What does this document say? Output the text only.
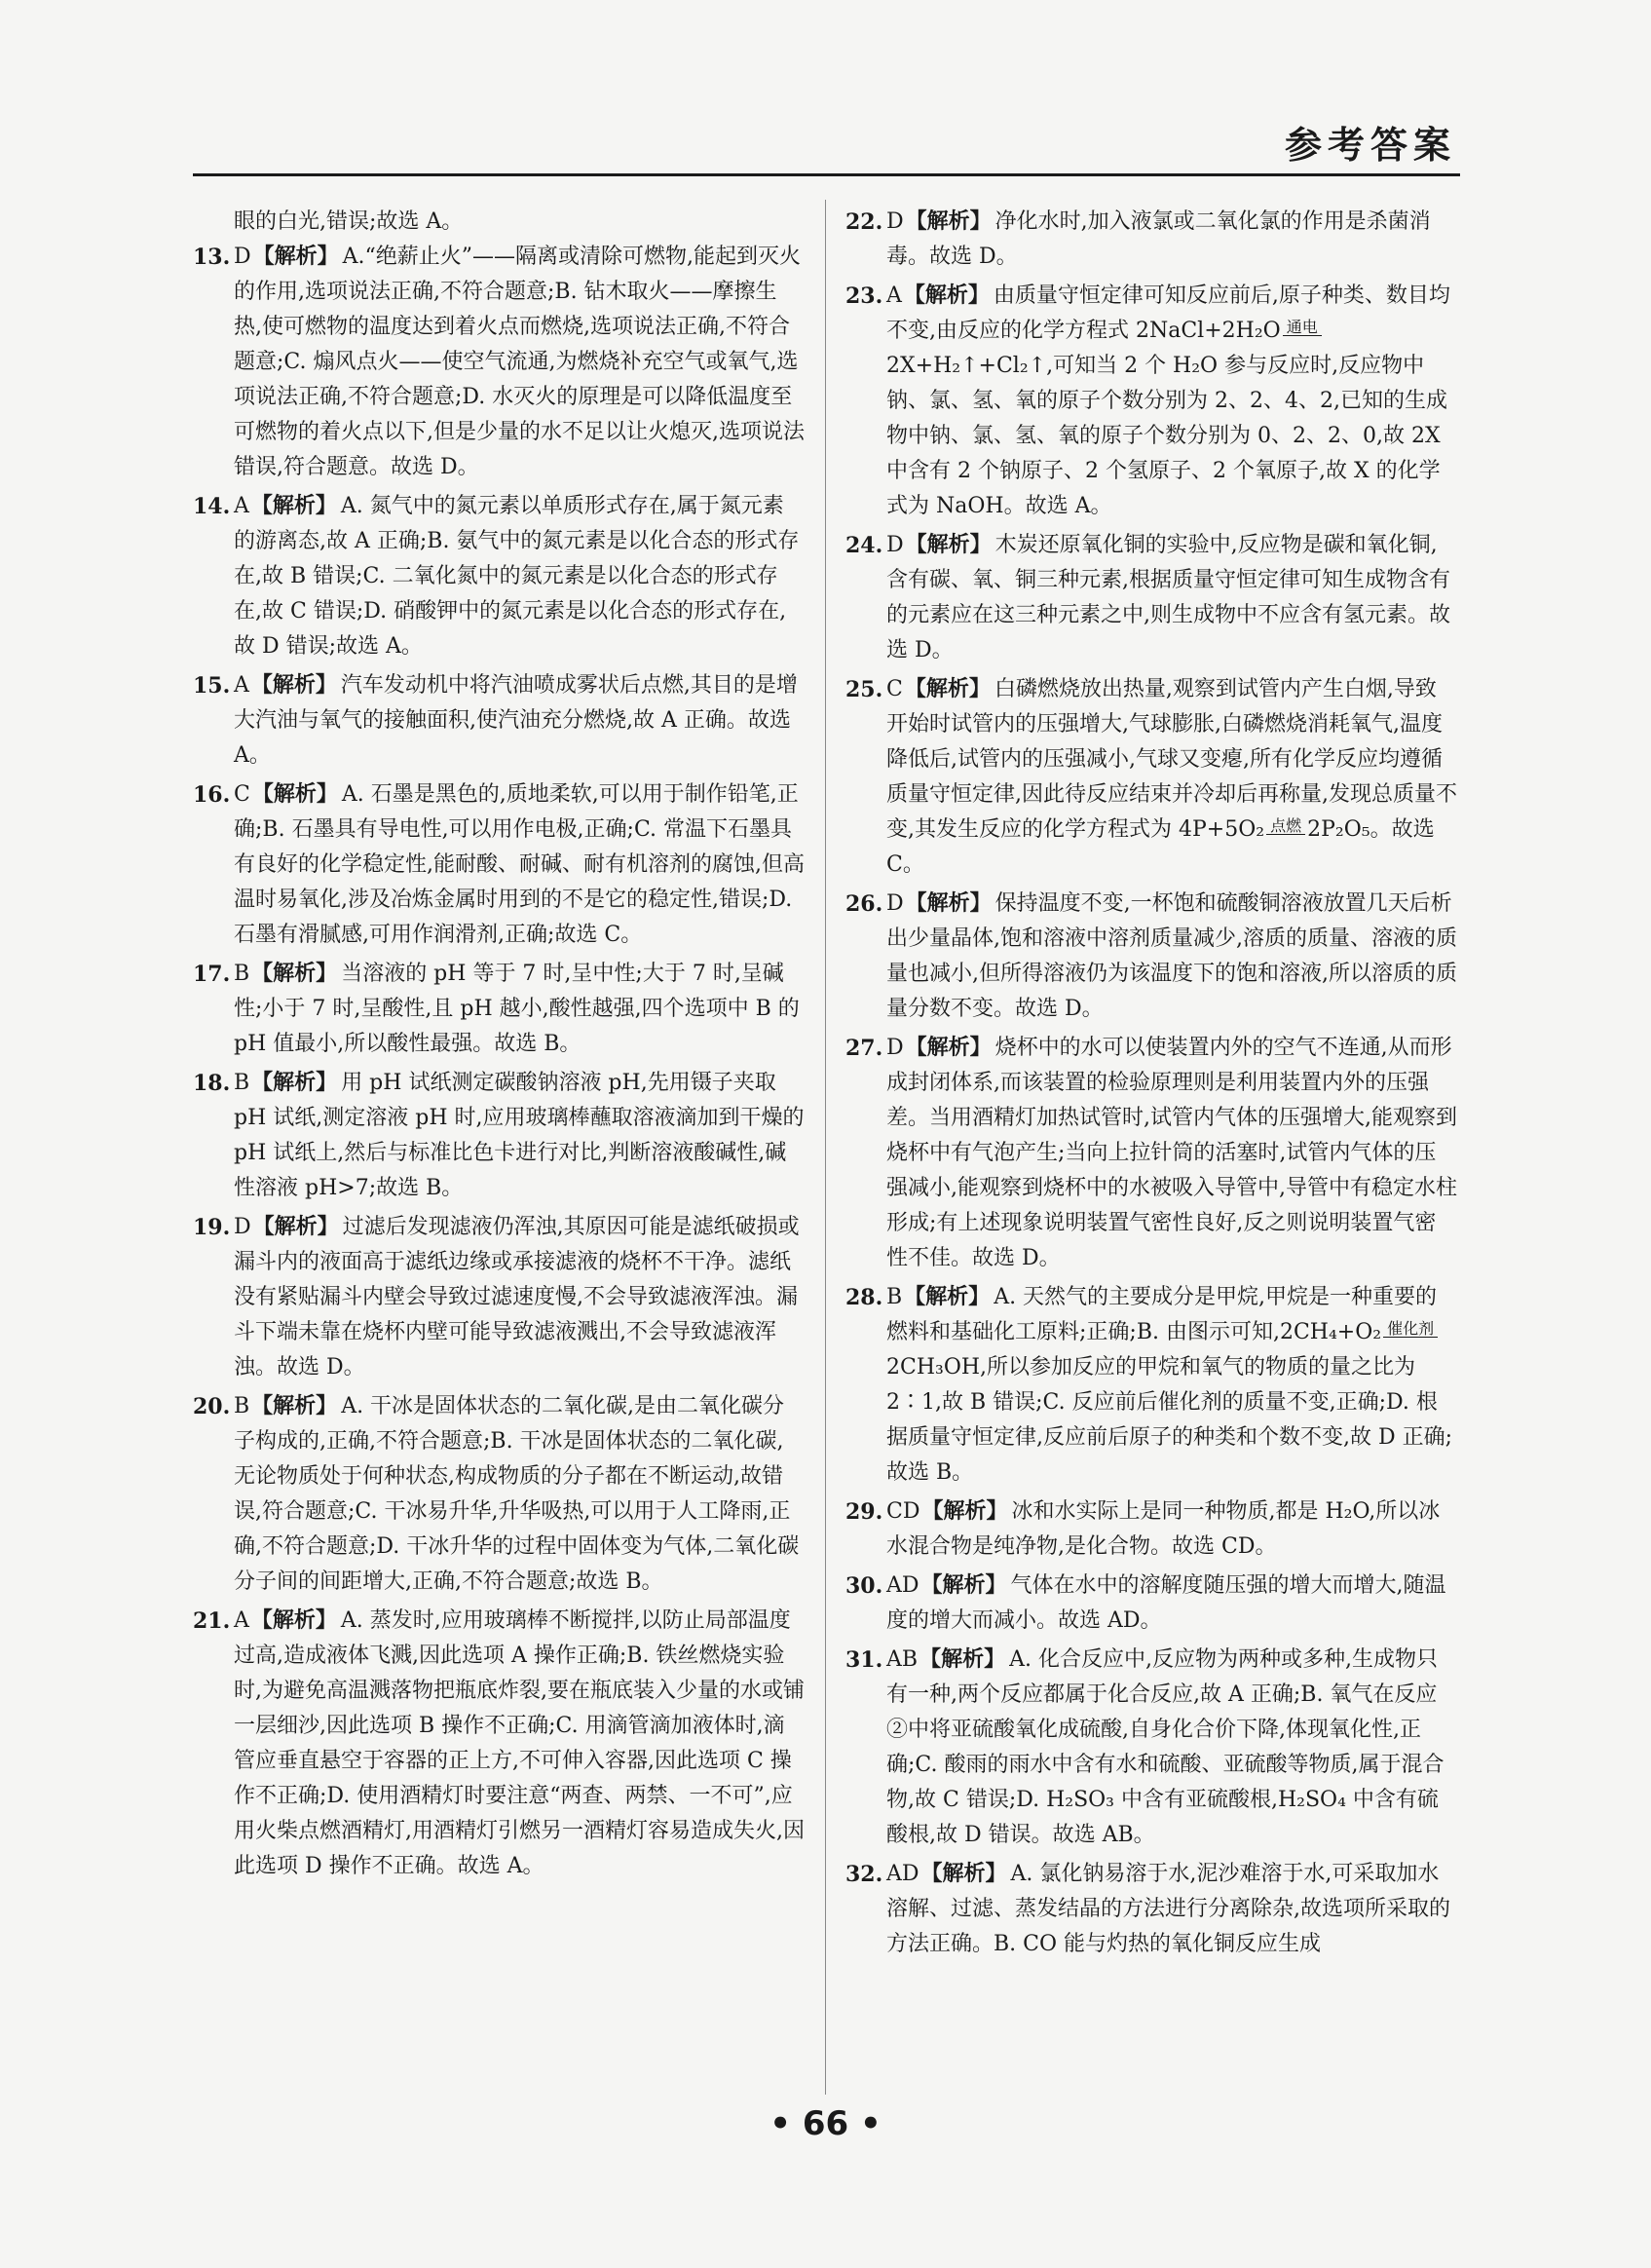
参考答案

眼的白光,错误;故选 A。

13. D【解析】 A.“绝薪止火”——隔离或清除可燃物,能起到灭火的作用,选项说法正确,不符合题意;B. 钻木取火——摩擦生热,使可燃物的温度达到着火点而燃烧,选项说法正确,不符合题意;C. 煽风点火——使空气流通,为燃烧补充空气或氧气,选项说法正确,不符合题意;D. 水灭火的原理是可以降低温度至可燃物的着火点以下,但是少量的水不足以让火熄灭,选项说法错误,符合题意。故选 D。

14. A【解析】 A. 氮气中的氮元素以单质形式存在,属于氮元素的游离态,故 A 正确;B. 氨气中的氮元素是以化合态的形式存在,故 B 错误;C. 二氧化氮中的氮元素是以化合态的形式存在,故 C 错误;D. 硝酸钾中的氮元素是以化合态的形式存在,故 D 错误;故选 A。

15. A【解析】 汽车发动机中将汽油喷成雾状后点燃,其目的是增大汽油与氧气的接触面积,使汽油充分燃烧,故 A 正确。故选 A。

16. C【解析】 A. 石墨是黑色的,质地柔软,可以用于制作铅笔,正确;B. 石墨具有导电性,可以用作电极,正确;C. 常温下石墨具有良好的化学稳定性,能耐酸、耐碱、耐有机溶剂的腐蚀,但高温时易氧化,涉及冶炼金属时用到的不是它的稳定性,错误;D. 石墨有滑腻感,可用作润滑剂,正确;故选 C。

17. B【解析】 当溶液的 pH 等于 7 时,呈中性;大于 7 时,呈碱性;小于 7 时,呈酸性,且 pH 越小,酸性越强,四个选项中 B 的 pH 值最小,所以酸性最强。故选 B。

18. B【解析】 用 pH 试纸测定碳酸钠溶液 pH,先用镊子夹取 pH 试纸,测定溶液 pH 时,应用玻璃棒蘸取溶液滴加到干燥的 pH 试纸上,然后与标准比色卡进行对比,判断溶液酸碱性,碱性溶液 pH>7;故选 B。

19. D【解析】 过滤后发现滤液仍浑浊,其原因可能是滤纸破损或漏斗内的液面高于滤纸边缘或承接滤液的烧杯不干净。滤纸没有紧贴漏斗内壁会导致过滤速度慢,不会导致滤液浑浊。漏斗下端未靠在烧杯内壁可能导致滤液溅出,不会导致滤液浑浊。故选 D。

20. B【解析】 A. 干冰是固体状态的二氧化碳,是由二氧化碳分子构成的,正确,不符合题意;B. 干冰是固体状态的二氧化碳,无论物质处于何种状态,构成物质的分子都在不断运动,故错误,符合题意;C. 干冰易升华,升华吸热,可以用于人工降雨,正确,不符合题意;D. 干冰升华的过程中固体变为气体,二氧化碳分子间的间距增大,正确,不符合题意;故选 B。

21. A【解析】 A. 蒸发时,应用玻璃棒不断搅拌,以防止局部温度过高,造成液体飞溅,因此选项 A 操作正确;B. 铁丝燃烧实验时,为避免高温溅落物把瓶底炸裂,要在瓶底装入少量的水或铺一层细沙,因此选项 B 操作不正确;C. 用滴管滴加液体时,滴管应垂直悬空于容器的正上方,不可伸入容器,因此选项 C 操作不正确;D. 使用酒精灯时要注意“两查、两禁、一不可”,应用火柴点燃酒精灯,用酒精灯引燃另一酒精灯容易造成失火,因此选项 D 操作不正确。故选 A。

22. D【解析】 净化水时,加入液氯或二氧化氯的作用是杀菌消毒。故选 D。

23. A【解析】 由质量守恒定律可知反应前后,原子种类、数目均不变,由反应的化学方程式 2NaCl+2H₂O 通电

2X+H₂↑+Cl₂↑,可知当 2 个 H₂O 参与反应时,反应物中钠、氯、氢、氧的原子个数分别为 2、2、4、2,已知的生成物中钠、氯、氢、氧的原子个数分别为 0、2、2、0,故 2X 中含有 2 个钠原子、2 个氢原子、2 个氧原子,故 X 的化学式为 NaOH。故选 A。

24. D【解析】 木炭还原氧化铜的实验中,反应物是碳和氧化铜,含有碳、氧、铜三种元素,根据质量守恒定律可知生成物含有的元素应在这三种元素之中,则生成物中不应含有氢元素。故选 D。

25. C【解析】 白磷燃烧放出热量,观察到试管内产生白烟,导致开始时试管内的压强增大,气球膨胀,白磷燃烧消耗氧气,温度降低后,试管内的压强减小,气球又变瘪,所有化学反应均遵循质量守恒定律,因此待反应结束并冷却后再称量,发现总质量不变,其发生反应的化学方程式为 4P+5O₂ 点燃
2P₂O₅。故选 C。

26. D【解析】 保持温度不变,一杯饱和硫酸铜溶液放置几天后析出少量晶体,饱和溶液中溶剂质量减少,溶质的质量、溶液的质量也减小,但所得溶液仍为该温度下的饱和溶液,所以溶质的质量分数不变。故选 D。

27. D【解析】 烧杯中的水可以使装置内外的空气不连通,从而形成封闭体系,而该装置的检验原理则是利用装置内外的压强差。当用酒精灯加热试管时,试管内气体的压强增大,能观察到烧杯中有气泡产生;当向上拉针筒的活塞时,试管内气体的压强减小,能观察到烧杯中的水被吸入导管中,导管中有稳定水柱形成;有上述现象说明装置气密性良好,反之则说明装置气密性不佳。故选 D。

28. B【解析】 A. 天然气的主要成分是甲烷,甲烷是一种重要的燃料和基础化工原料;正确;B. 由图示可知,2CH₄+O₂ 催化剂

2CH₃OH,所以参加反应的甲烷和氧气的物质的量之比为 2∶1,故 B 错误;C. 反应前后催化剂的质量不变,正确;D. 根据质量守恒定律,反应前后原子的种类和个数不变,故 D 正确;故选 B。

29. CD【解析】 冰和水实际上是同一种物质,都是 H₂O,所以冰水混合物是纯净物,是化合物。故选 CD。

30. AD【解析】 气体在水中的溶解度随压强的增大而增大,随温度的增大而减小。故选 AD。

31. AB【解析】 A. 化合反应中,反应物为两种或多种,生成物只有一种,两个反应都属于化合反应,故 A 正确;B. 氧气在反应②中将亚硫酸氧化成硫酸,自身化合价下降,体现氧化性,正确;C. 酸雨的雨水中含有水和硫酸、亚硫酸等物质,属于混合物,故 C 错误;D. H₂SO₃ 中含有亚硫酸根,H₂SO₄ 中含有硫酸根,故 D 错误。故选 AB。

32. AD【解析】 A. 氯化钠易溶于水,泥沙难溶于水,可采取加水溶解、过滤、蒸发结晶的方法进行分离除杂,故选项所采取的方法正确。B. CO 能与灼热的氧化铜反应生成

• 66 •
